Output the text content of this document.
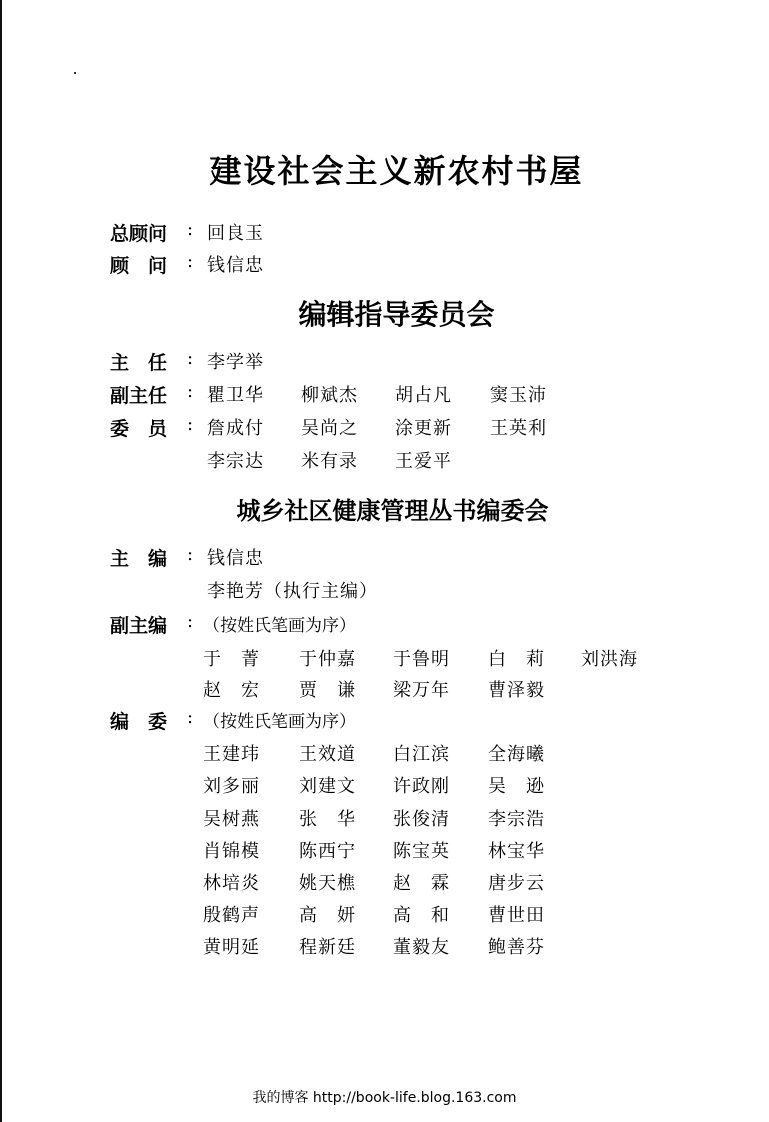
建设社会主义新农村书屋
总顾问 : 回良玉
顾　问 : 钱信忠
编辑指导委员会
主　任 : 李学举
副主任 : 瞿卫华 柳斌杰 胡占凡 窦玉沛
委　员 : 詹成付 吴尚之 涂更新 王英利
李宗达 米有录 王爱平
城乡社区健康管理丛书编委会
主　编 : 钱信忠
李艳芳（执行主编）
副主编 : （按姓氏笔画为序）
于　菁 于仲嘉 于鲁明 白　莉 刘洪海
赵　宏 贾　谦 梁万年 曹泽毅
编　委 : （按姓氏笔画为序）
王建玮 王效道 白江滨 全海曦
刘多丽 刘建文 许政刚 吴　逊
吴树燕 张　华 张俊清 李宗浩
肖锦模 陈西宁 陈宝英 林宝华
林培炎 姚天樵 赵　霖 唐步云
殷鹤声 高　妍 高　和 曹世田
黄明延 程新廷 董毅友 鲍善芬
我的博客 http://book-life.blog.163.com
